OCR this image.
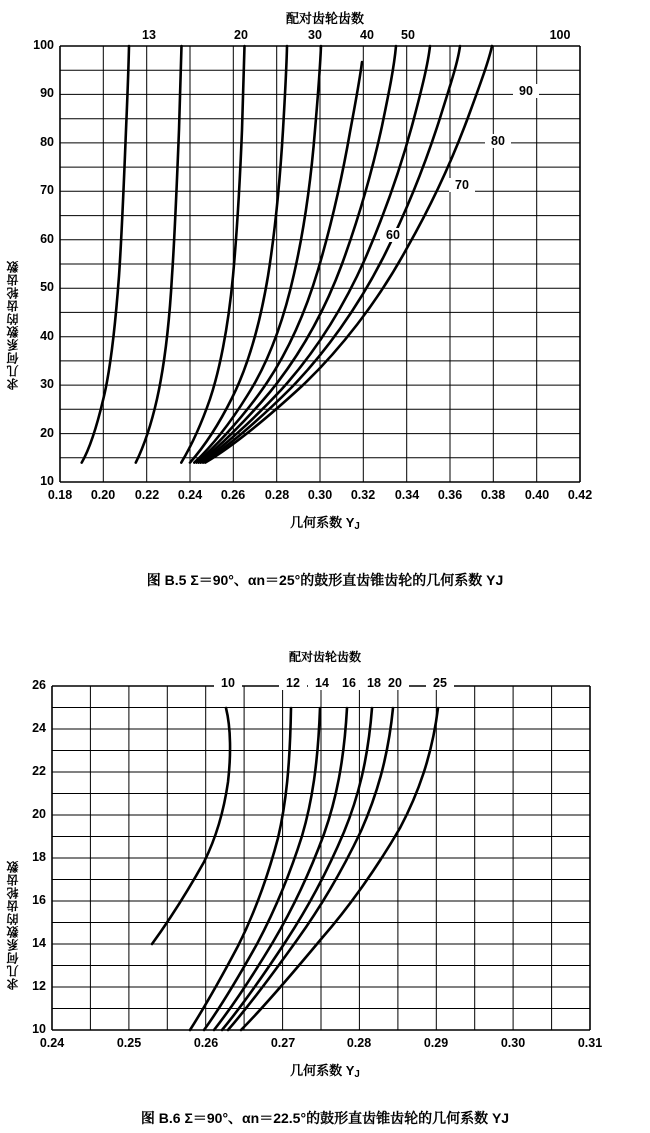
配对齿轮齿数
求几何系数的齿轮齿数
13	20	30	40	50	100
60
70
80
90
100
90
80
70
60
50
40
30
20
10
0.18	0.20	0.22	0.24	0.26	0.28	0.30	0.32	0.34	0.36	0.38	0.40	0.42
几何系数 YJ
图 B.5 Σ＝90°、αn＝25°的鼓形直齿锥齿轮的几何系数 YJ
配对齿轮齿数
求几何系数的齿轮齿数
10	12	14	16 18 20	25
26
24
22
20
18
16
14
12
10
0.24	0.25	0.26	0.27	0.28	0.29	0.30	0.31
几何系数 YJ
图 B.6 Σ＝90°、αn＝22.5°的鼓形直齿锥齿轮的几何系数 YJ
